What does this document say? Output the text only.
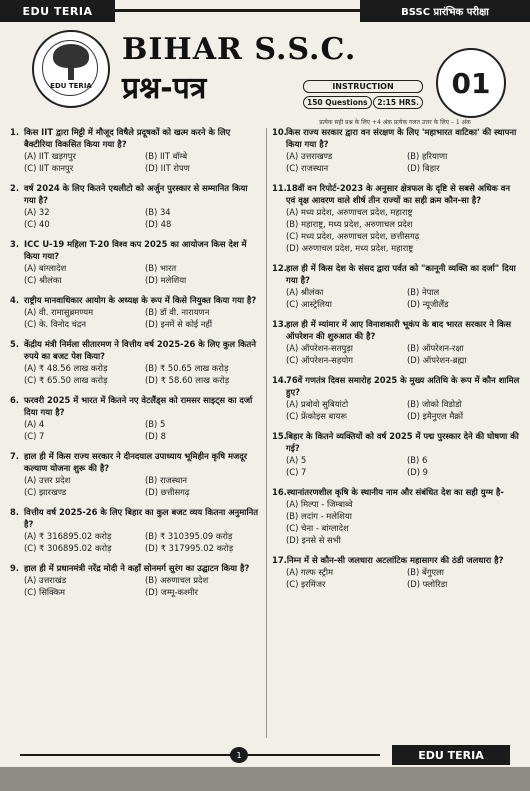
EDU TERIA	BSSC प्रारंभिक परीक्षा
EDU TERIA
BIHAR S.S.C.
प्रश्न-पत्र	INSTRUCTION
150 Questions	2:15 HRS.
01
प्रत्येक सही प्रश्न के लिए +4 अंक प्रत्येक गलत उत्तर के लिए – 1 अंक
1. किस IIT द्वारा मिट्टी में मौजूद विषैले प्रदूषकों को खत्म करने के लिए बैक्टीरिया विकसित किया गया है?
(A) IIT खड़गपुर	(B) IIT बॉम्बे
(C) IIT कानपुर	(D) IIT रोपण
2. वर्ष 2024 के लिए कितने एथलीटो को अर्जुन पुरस्कार से सम्मानित किया गया है?
(A) 32	(B) 34
(C) 40	(D) 48
3. ICC U-19 महिला T-20 विश्व कप 2025 का आयोजन किस देश में किया गया?
(A) बांग्लादेश	(B) भारत
(C) श्रीलंका	(D) मलेशिया
4. राष्ट्रीय मानवाधिकार आयोग के अध्यक्ष के रूप में किसे नियुक्त किया गया है?
(A) वी. रामासुब्रमण्यम	(B) डॉ वी. नारायणन
(C) के. विनोद चंद्रन	(D) इनमें से कोई नहीं
5. केंद्रीय मंत्री निर्मला सीतारमण ने वित्तीय वर्ष 2025-26 के लिए कुल कितने रुपये का बजट पेश किया?
(A) ₹ 48.56 लाख करोड़	(B) ₹ 50.65 लाख करोड़
(C) ₹ 65.50 लाख करोड़	(D) ₹ 58.60 लाख करोड़
6. फरवरी 2025 में भारत में कितने नए वेटलैंड्स को रामसर साइट्स का दर्जा दिया गया है?
(A) 4	(B) 5
(C) 7	(D) 8
7. हाल ही में किस राज्य सरकार ने दीनदयाल उपाध्याय भूमिहीन कृषि मजदूर कल्याण योजना शुरू की है?
(A) उत्तर प्रदेश	(B) राजस्थान
(C) झारखण्ड	(D) छत्तीसगढ़
8. वित्तीय वर्ष 2025-26 के लिए बिहार का कुल बजट व्यय कितना अनुमानित है?
(A) ₹ 316895.02 करोड़	(B) ₹ 310395.09 करोड़
(C) ₹ 306895.02 करोड़	(D) ₹ 317995.02 करोड़
9. हाल ही में प्रधानमंत्री नरेंद्र मोदी ने कहाँ सोनमर्ग सुरंग का उद्घाटन किया है?
(A) उत्तराखंड	(B) अरुणाचल प्रदेश
(C) सिक्किम	(D) जम्मू-कश्मीर
10. किस राज्य सरकार द्वारा वन संरक्षण के लिए 'महाभारत वाटिका' की स्थापना किया गया है?
(A) उत्तराखण्ड	(B) हरियाणा
(C) राजस्थान	(D) बिहार
11. 18वीं वन रिपोर्ट-2023 के अनुसार क्षेत्रफल के दृष्टि से सबसे अधिक वन एवं वृक्ष आवरण वाले शीर्ष तीन राज्यों का सही क्रम कौन-सा है?
(A) मध्य प्रदेश, अरुणाचल प्रदेश, महाराष्ट्र
(B) महाराष्ट्र, मध्य प्रदेश, अरुणाचल प्रदेश
(C) मध्य प्रदेश, अरुणाचल प्रदेश, छत्तीसगढ़
(D) अरुणाचल प्रदेश, मध्य प्रदेश, महाराष्ट्र
12. हाल ही में किस देश के संसद द्वारा पर्वत को "कानूनी व्यक्ति का दर्जा" दिया गया है?
(A) श्रीलंका	(B) नेपाल
(C) आस्ट्रेलिया	(D) न्यूजीलैंड
13. हाल ही में म्यांमार में आए विनाशकारी भूकंप के बाद भारत सरकार ने किस ऑपरेशन की शुरुआत की है?
(A) ऑपरेशन-सतपुड़ा	(B) ऑपरेशन-रक्षा
(C) ऑपरेशन-सहयोग	(D) ऑपरेशन-ब्रह्मा
14. 76वें गणतंत्र दिवस समारोह 2025 के मुख्य अतिथि के रूप में कौन शामिल हुए?
(A) प्रबोवो सुबियांटो	(B) जोको विडोडो
(C) फ्रेंकोइस बायरू	(D) इमैनुएल मैक्रों
15. बिहार के कितने व्यक्तियों को वर्ष 2025 में पद्म पुरस्कार देने की घोषणा की गई?
(A) 5	(B) 6
(C) 7	(D) 9
16. स्थानांतरणशील कृषि के स्थानीय नाम और संबंधित देश का सही युग्म है-
(A) मिल्पा - जिम्बाब्वे
(B) लदांग - मलेशिया
(C) चेना - बांग्लादेश
(D) इनसे से सभी
17. निम्न में से कौन-सी जलधारा अटलांटिक महासागर की ठंडी जलधारा है?
(A) गल्फ स्ट्रीम	(B) बेंगुएला
(C) इरमिंजर	(D) फ्लोरिडा
1	EDU TERIA
